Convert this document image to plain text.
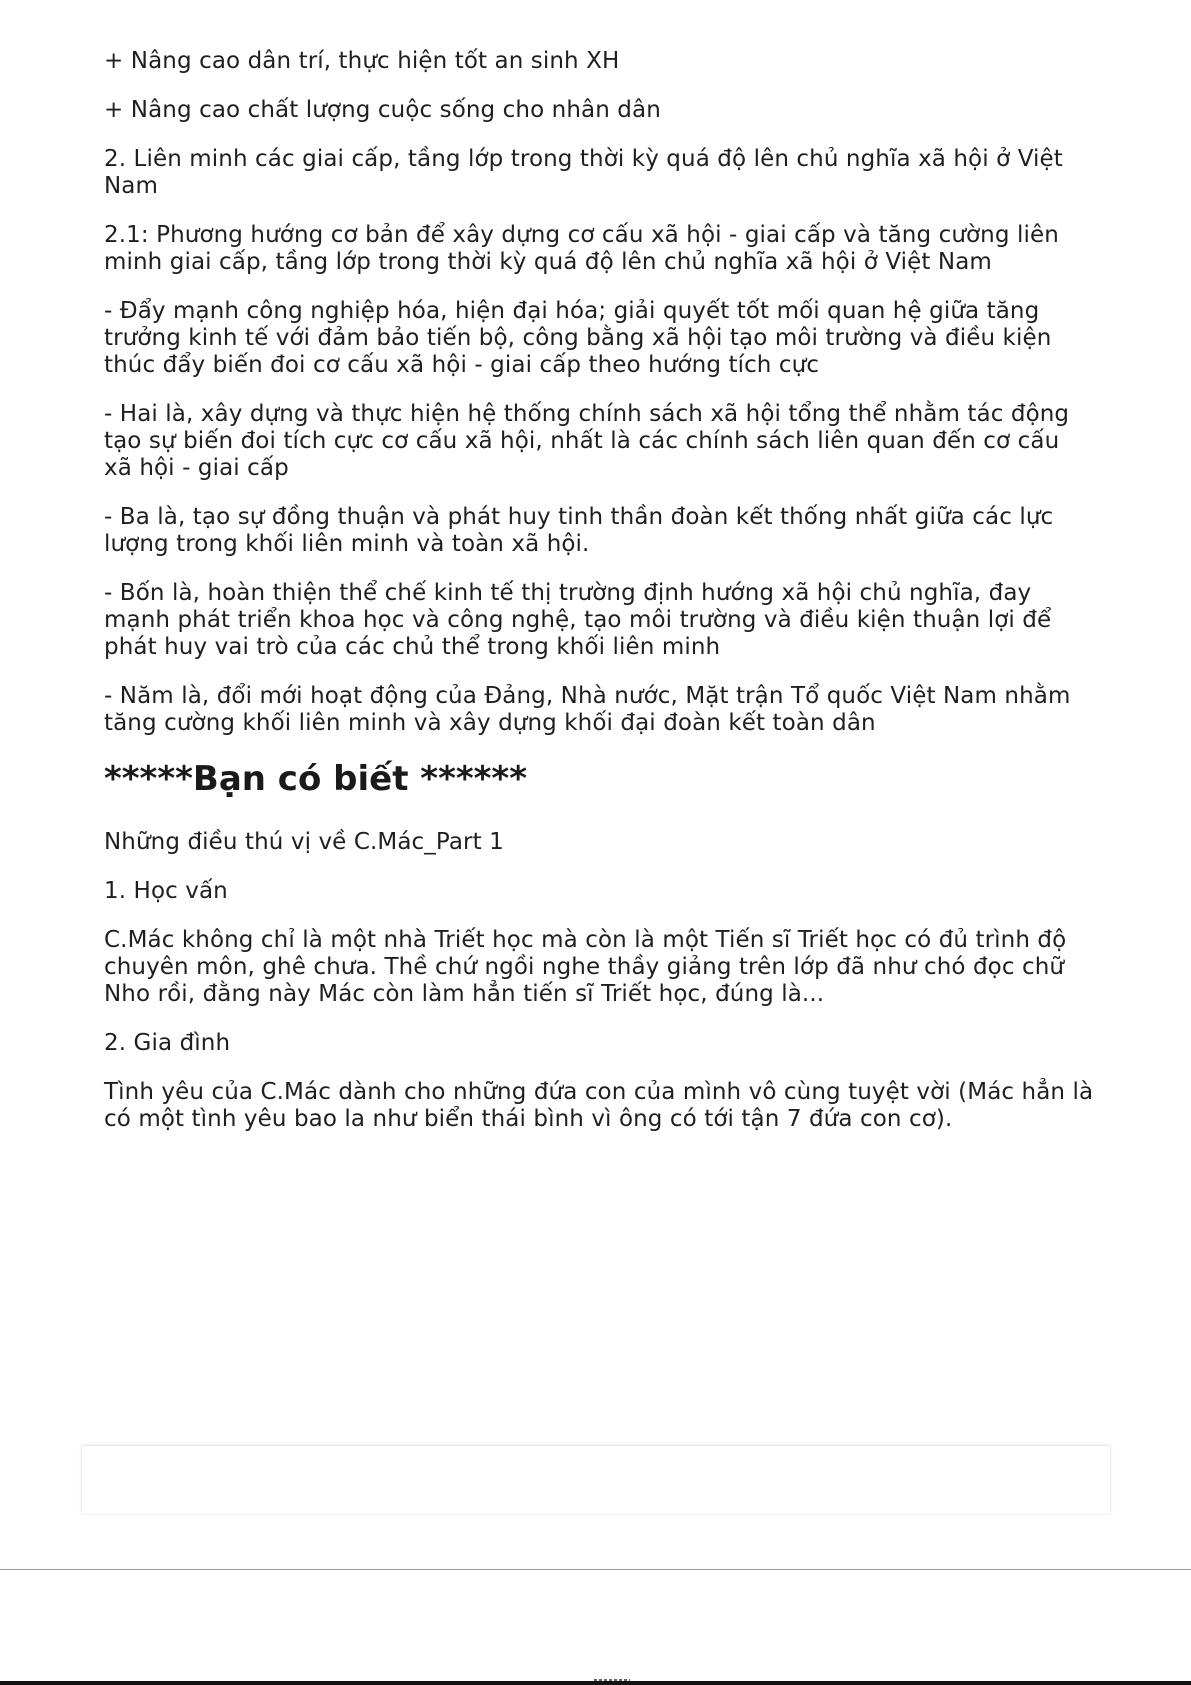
+ Nâng cao dân trí, thực hiện tốt an sinh XH

+ Nâng cao chất lượng cuộc sống cho nhân dân

2. Liên minh các giai cấp, tầng lớp trong thời kỳ quá độ lên chủ nghĩa xã hội ở Việt Nam

2.1: Phương hướng cơ bản để xây dựng cơ cấu xã hội - giai cấp và tăng cường liên minh giai cấp, tầng lớp trong thời kỳ quá độ lên chủ nghĩa xã hội ở Việt Nam

- Đẩy mạnh công nghiệp hóa, hiện đại hóa; giải quyết tốt mối quan hệ giữa tăng trưởng kinh tế với đảm bảo tiến bộ, công bằng xã hội tạo môi trường và điều kiện thúc đẩy biến đoi cơ cấu xã hội - giai cấp theo hướng tích cực

- Hai là, xây dựng và thực hiện hệ thống chính sách xã hội tổng thể nhằm tác động tạo sự biến đoi tích cực cơ cấu xã hội, nhất là các chính sách liên quan đến cơ cấu xã hội - giai cấp

- Ba là, tạo sự đồng thuận và phát huy tinh thần đoàn kết thống nhất giữa các lực lượng trong khối liên minh và toàn xã hội.

- Bốn là, hoàn thiện thể chế kinh tế thị trường định hướng xã hội chủ nghĩa, đay mạnh phát triển khoa học và công nghệ, tạo môi trường và điều kiện thuận lợi để phát huy vai trò của các chủ thể trong khối liên minh

- Năm là, đổi mới hoạt động của Đảng, Nhà nước, Mặt trận Tổ quốc Việt Nam nhằm tăng cường khối liên minh và xây dựng khối đại đoàn kết toàn dân

*****Bạn có biết ******

Những điều thú vị về C.Mác_Part 1

1. Học vấn

C.Mác không chỉ là một nhà Triết học mà còn là một Tiến sĩ Triết học có đủ trình độ chuyên môn, ghê chưa. Thề chứ ngồi nghe thầy giảng trên lớp đã như chó đọc chữ Nho rồi, đằng này Mác còn làm hẳn tiến sĩ Triết học, đúng là...

2. Gia đình

Tình yêu của C.Mác dành cho những đứa con của mình vô cùng tuyệt vời (Mác hẳn là có một tình yêu bao la như biển thái bình vì ông có tới tận 7 đứa con cơ).
